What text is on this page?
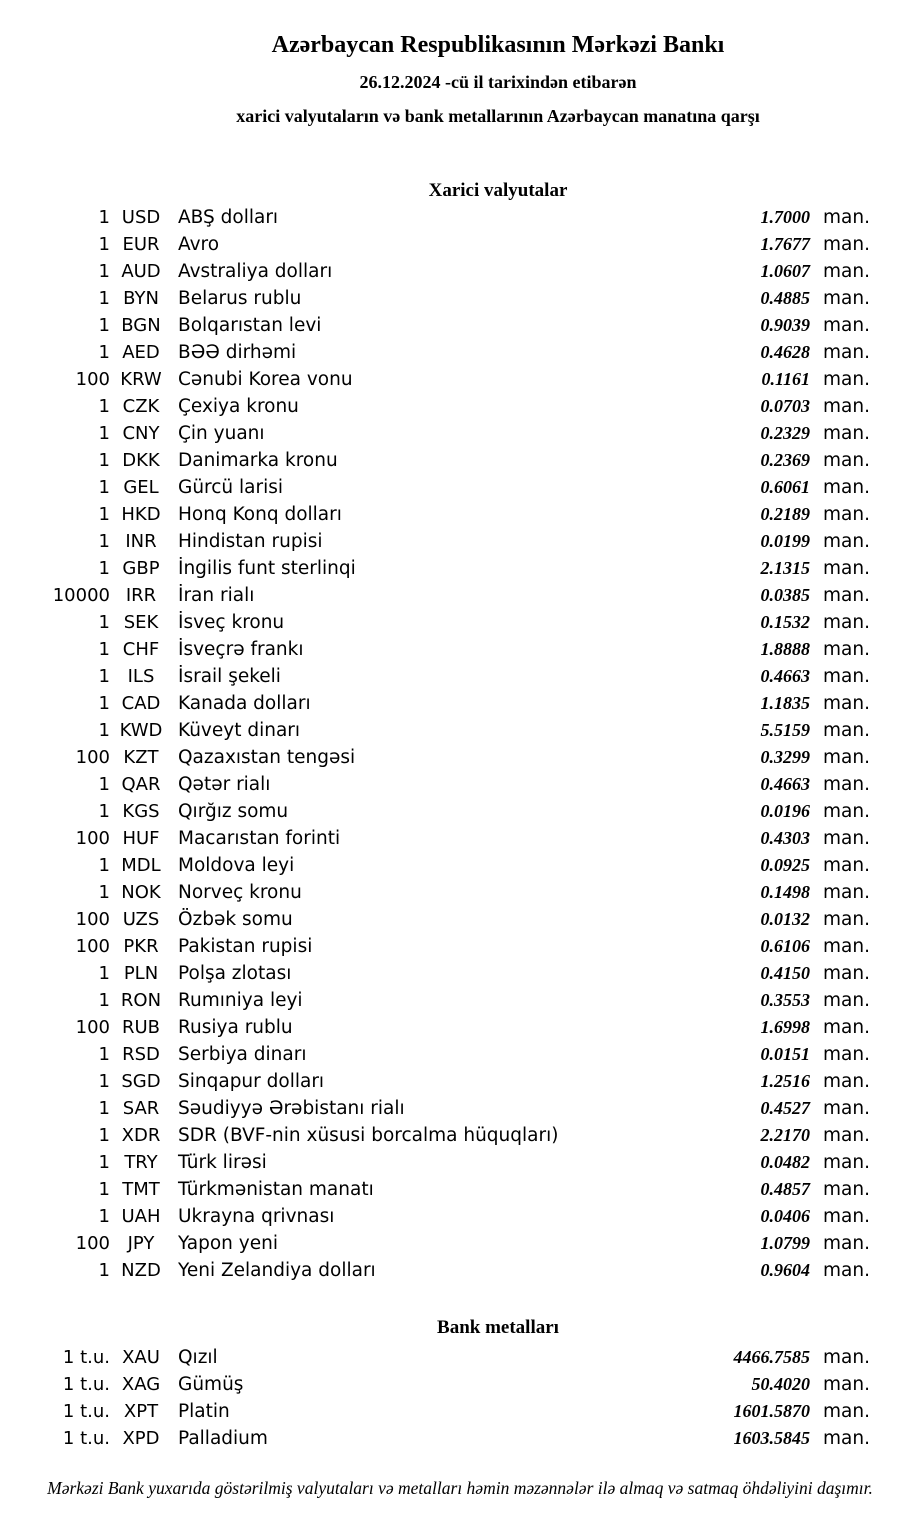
Azərbaycan Respublikasının Mərkəzi Bankı
26.12.2024 -cü il tarixindən etibarən
xarici valyutaların və bank metallarının Azərbaycan manatına qarşı
Xarici valyutalar
1 USD ABŞ dolları	1.7000 man.
1 EUR Avro	1.7677 man.
1 AUD Avstraliya dolları	1.0607 man.
1 BYN	Belarus rublu	0.4885 man.
1 BGN Bolqarıstan levi	0.9039 man.
1 AED BƏƏ dirhəmi	0.4628 man.
100 KRW Cənubi Korea vonu	0.1161 man.
1 CZK	Çexiya kronu	0.0703 man.
1 CNY Çin yuanı	0.2329 man.
1 DKK Danimarka kronu	0.2369 man.
1 GEL	Gürcü larisi	0.6061 man.
1 HKD Honq Konq dolları	0.2189 man.
1 INR	Hindistan rupisi	0.0199 man.
1 GBP İngilis funt sterlinqi	2.1315 man.
10000 IRR	İran rialı	0.0385 man.
1 SEK	İsveç kronu	0.1532 man.
1 CHF	İsveçrə frankı	1.8888 man.
1 ILS	İsrail şekeli	0.4663 man.
1 CAD Kanada dolları	1.1835 man.
1 KWD Küveyt dinarı	5.5159 man.
100 KZT	Qazaxıstan tengəsi	0.3299 man.
1 QAR Qətər rialı	0.4663 man.
1 KGS Qırğız somu	0.0196 man.
100 HUF Macarıstan forinti	0.4303 man.
1 MDL Moldova leyi	0.0925 man.
1 NOK Norveç kronu	0.1498 man.
100 UZS	Özbək somu	0.0132 man.
100 PKR	Pakistan rupisi	0.6106 man.
1 PLN	Polşa zlotası	0.4150 man.
1 RON Rumıniya leyi	0.3553 man.
100 RUB Rusiya rublu	1.6998 man.
1 RSD Serbiya dinarı	0.0151 man.
1 SGD Sinqapur dolları	1.2516 man.
1 SAR	Səudiyyə Ərəbistanı rialı	0.4527 man.
1 XDR SDR (BVF-nin xüsusi borcalma hüquqları)	2.2170 man.
1 TRY	Türk lirəsi	0.0482 man.
1 TMT Türkmənistan manatı	0.4857 man.
1 UAH Ukrayna qrivnası	0.0406 man.
100 JPY	Yapon yeni	1.0799 man.
1 NZD Yeni Zelandiya dolları	0.9604 man.
Bank metalları
1 t.u. XAU Qızıl	4466.7585 man.
1 t.u. XAG Gümüş	50.4020 man.
1 t.u. XPT	Platin	1601.5870 man.
1 t.u. XPD Palladium	1603.5845 man.
Mərkəzi Bank yuxarıda göstərilmiş valyutaları və metalları həmin məzənnələr ilə almaq və satmaq öhdəliyini daşımır.
